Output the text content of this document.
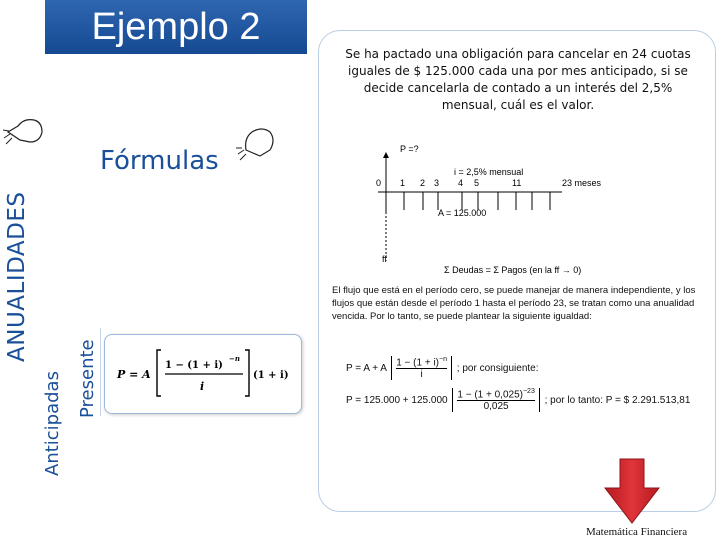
Ejemplo 2
ANUALIDADES
Anticipadas Presente
Fórmulas
P = A
1 − (1 + i)
−n
i
(1 + i)
Se ha pactado una obligación para cancelar en 24 cuotas iguales de $ 125.000 cada una por mes anticipado, si se decide cancelarla de contado a un interés del 2,5% mensual, cuál es el valor.
P =?
ff
i = 2,5% mensual
0 1 2 3 4 5	11	23 meses
A = 125.000
Σ Deudas = Σ Pagos (en la ff → 0)
El flujo que está en el período cero, se puede manejar de manera independiente, y los flujos que están desde el período 1 hasta el período 23, se tratan como una anualidad vencida. Por lo tanto, se puede plantear la siguiente igualdad:
P = A + A $\frac{1 - (1 + i)^{-n}}{i}$ ; por consiguiente:
$P = 125.000 + 125.000 \frac{1 - (1 + 0,025)^{-23}}{0,025}$ ; por lo tanto: P = $ 2.291.513,81
Matemática Financiera
